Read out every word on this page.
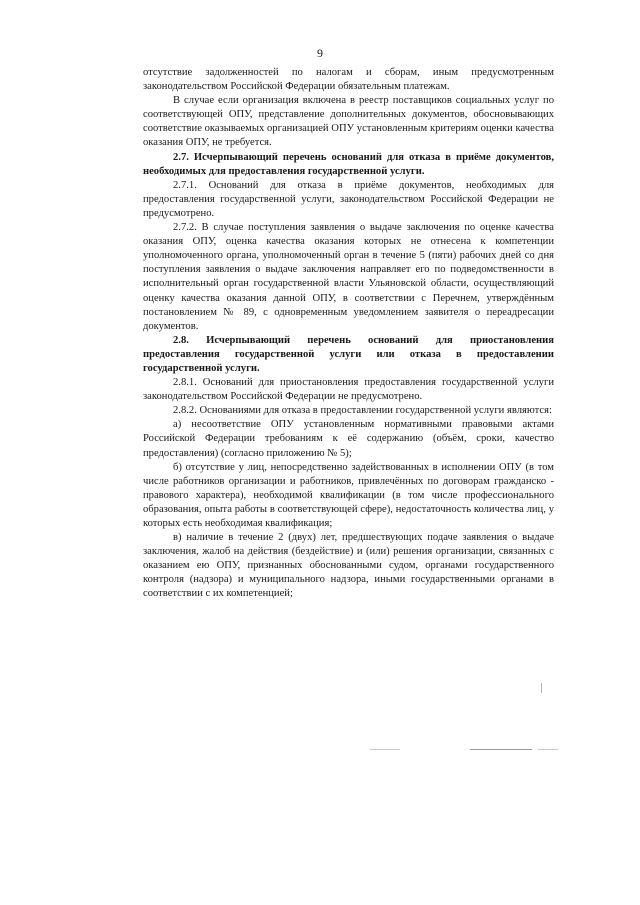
9

отсутствие задолженностей по налогам и сборам, иным предусмотренным законодательством Российской Федерации обязательным платежам.

В случае если организация включена в реестр поставщиков социальных услуг по соответствующей ОПУ, представление дополнительных документов, обосновывающих соответствие оказываемых организацией ОПУ установленным критериям оценки качества оказания ОПУ, не требуется.

2.7. Исчерпывающий перечень оснований для отказа в приёме документов, необходимых для предоставления государственной услуги.

2.7.1. Оснований для отказа в приёме документов, необходимых для предоставления государственной услуги, законодательством Российской Федерации не предусмотрено.

2.7.2. В случае поступления заявления о выдаче заключения по оценке качества оказания ОПУ, оценка качества оказания которых не отнесена к компетенции уполномоченного органа, уполномоченный орган в течение 5 (пяти) рабочих дней со дня поступления заявления о выдаче заключения направляет его по подведомственности в исполнительный орган государственной власти Ульяновской области, осуществляющий оценку качества оказания данной ОПУ, в соответствии с Перечнем, утверждённым постановлением № 89, с одновременным уведомлением заявителя о переадресации документов.

2.8. Исчерпывающий перечень оснований для приостановления предоставления государственной услуги или отказа в предоставлении государственной услуги.

2.8.1. Оснований для приостановления предоставления государственной услуги законодательством Российской Федерации не предусмотрено.

2.8.2. Основаниями для отказа в предоставлении государственной услуги являются:

а) несоответствие ОПУ установленным нормативными правовыми актами Российской Федерации требованиям к её содержанию (объём, сроки, качество предоставления) (согласно приложению № 5);

б) отсутствие у лиц, непосредственно задействованных в исполнении ОПУ (в том числе работников организации и работников, привлечённых по договорам гражданско - правового характера), необходимой квалификации (в том числе профессионального образования, опыта работы в соответствующей сфере), недостаточность количества лиц, у которых есть необходимая квалификация;

в) наличие в течение 2 (двух) лет, предшествующих подаче заявления о выдаче заключения, жалоб на действия (бездействие) и (или) решения организации, связанных с оказанием ею ОПУ, признанных обоснованными судом, органами государственного контроля (надзора) и муниципального надзора, иными государственными органами в соответствии с их компетенцией;
